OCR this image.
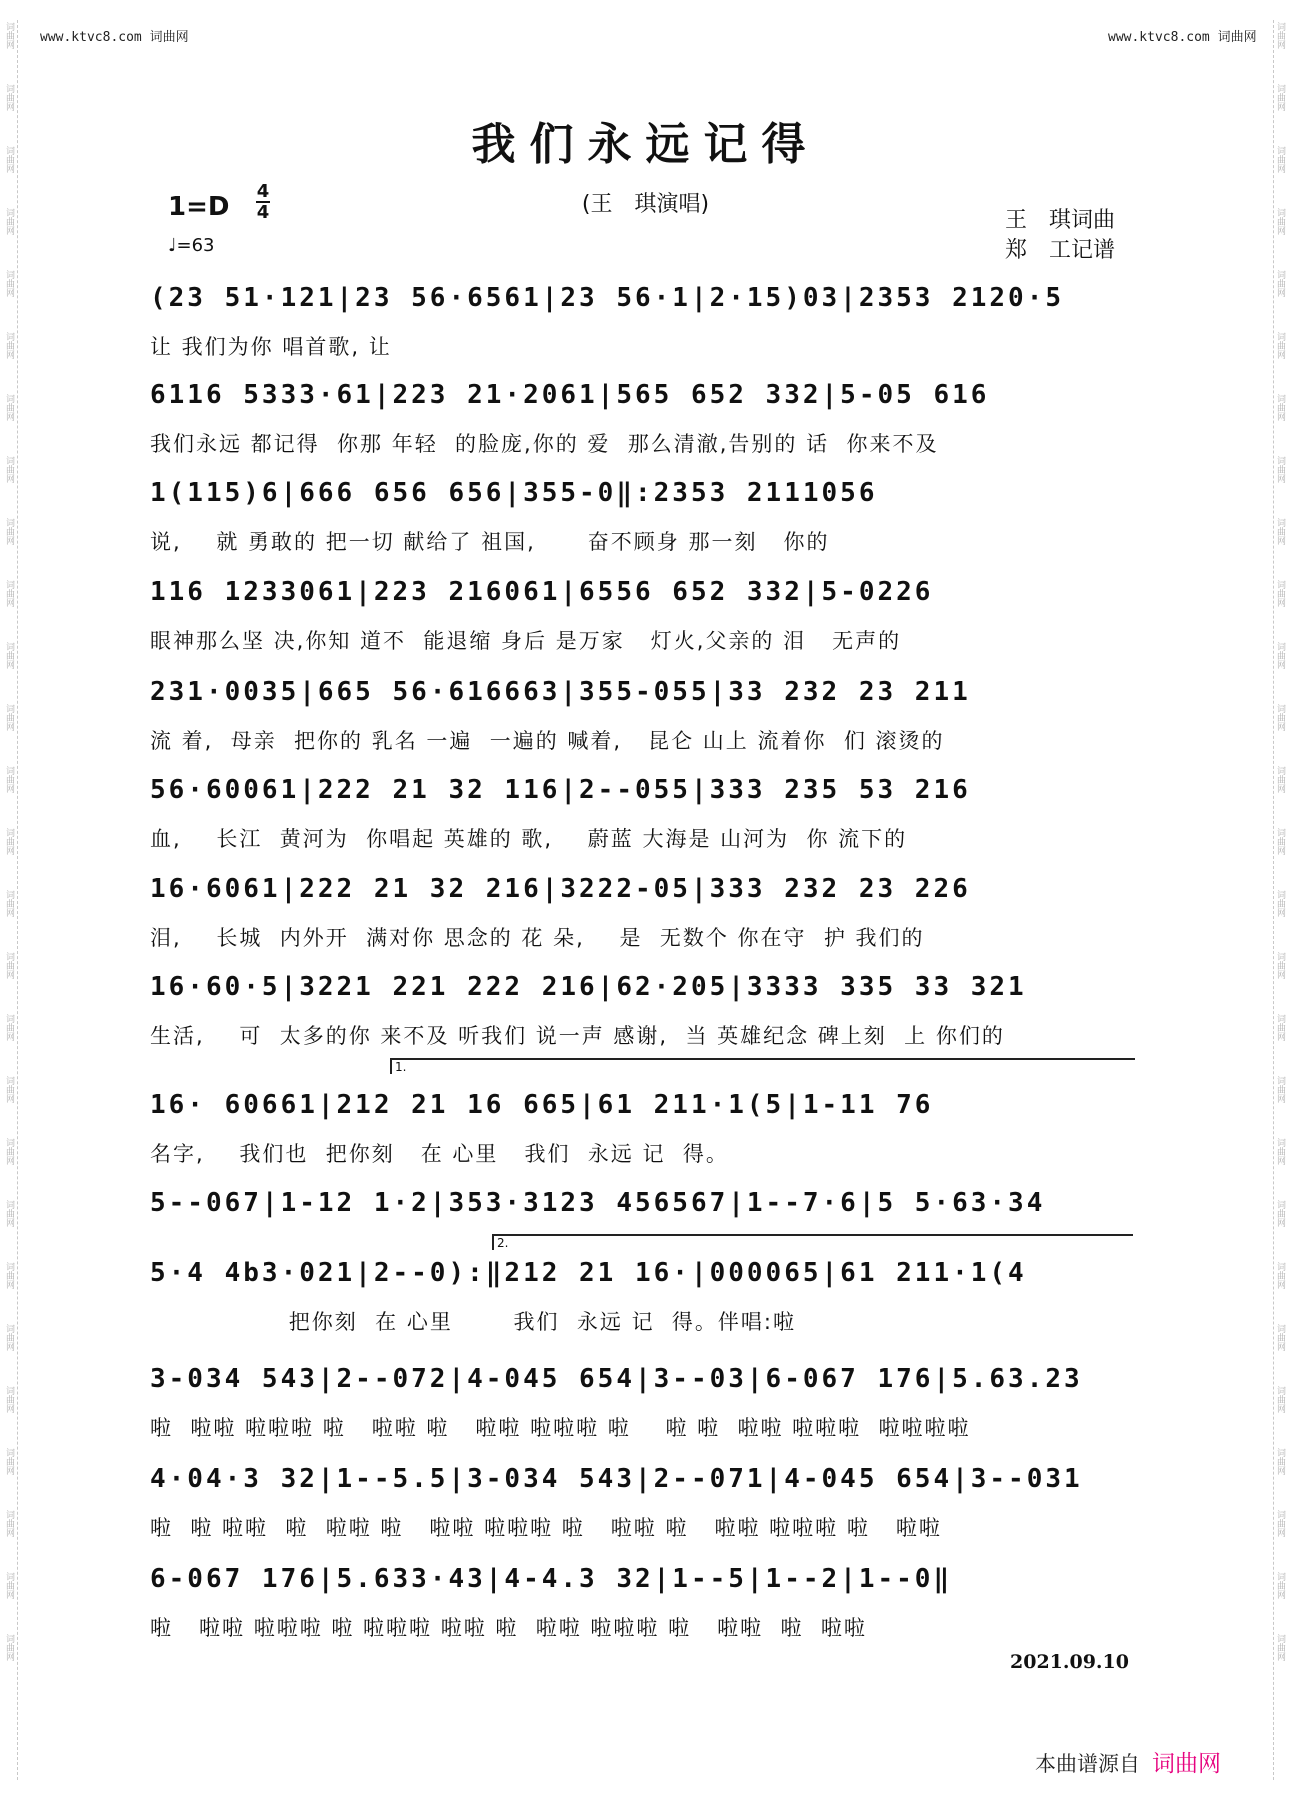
www.ktvc8.com 词曲网	www.ktvc8.com 词曲网
词曲网
词曲网
词曲网
词曲网
词曲网
词曲网
词曲网
词曲网
词曲网
词曲网
词曲网
词曲网
词曲网
词曲网
词曲网
词曲网
词曲网
词曲网
词曲网
词曲网
词曲网
词曲网
词曲网
词曲网
词曲网
词曲网
词曲网
词曲网
词曲网
词曲网
词曲网
词曲网
词曲网
词曲网
词曲网
词曲网
词曲网
词曲网
词曲网
词曲网
词曲网
词曲网
词曲网
词曲网
词曲网
词曲网
词曲网
词曲网
词曲网
词曲网
词曲网
词曲网
词曲网
词曲网
我们永远记得
(王　琪演唱)
1=D
4
4
♩=63
王　琪词曲
郑　工记谱
(23 51·121|23 56·6561|23 56·1|2·15)03|2353 2120·5
让 我们为你 唱首歌, 让
6116 5333·61|223 21·2061|565 652 332|5-05 616
我们永远 都记得  你那 年轻  的脸庞,你的 爱  那么清澈,告别的 话  你来不及
1(115)6|666 656 656|355-0‖:2353 2111056
说,    就 勇敢的 把一切 献给了 祖国,      奋不顾身 那一刻   你的
116 1233061|223 216061|6556 652 332|5-0226
眼神那么坚 决,你知 道不  能退缩 身后 是万家   灯火,父亲的 泪   无声的
231·0035|665 56·616663|355-055|33 232 23 211
流 着,  母亲  把你的 乳名 一遍  一遍的 喊着,   昆仑 山上 流着你  们 滚烫的
56·60061|222 21 32 116|2--055|333 235 53 216
血,    长江  黄河为  你唱起 英雄的 歌,    蔚蓝 大海是 山河为  你 流下的
16·6061|222 21 32 216|3222-05|333 232 23 226
泪,    长城  内外开  满对你 思念的 花 朵,    是  无数个 你在守  护 我们的
16·60·5|3221 221 222 216|62·205|3333 335 33 321
生活,    可  太多的你 来不及 听我们 说一声 感谢,  当 英雄纪念 碑上刻  上 你们的
16· 60661|212 21 16 665|61 211·1(5|1-11 76
名字,    我们也  把你刻   在 心里   我们  永远 记  得。
5--067|1-12 1·2|353·3123 456567|1--7·6|5 5·63·34
5·4 4b3·021|2--0):‖212 21 16·|000065|61 211·1(4
把你刻  在 心里       我们  永远 记  得。伴唱:啦
3-034 543|2--072|4-045 654|3--03|6-067 176|5.63.23
啦  啦啦 啦啦啦 啦   啦啦 啦   啦啦 啦啦啦 啦    啦 啦  啦啦 啦啦啦  啦啦啦啦
4·04·3 32|1--5.5|3-034 543|2--071|4-045 654|3--031
啦  啦 啦啦  啦  啦啦 啦   啦啦 啦啦啦 啦   啦啦 啦   啦啦 啦啦啦 啦   啦啦
6-067 176|5.633·43|4-4.3 32|1--5|1--2|1--0‖
啦   啦啦 啦啦啦 啦 啦啦啦 啦啦 啦  啦啦 啦啦啦 啦   啦啦  啦  啦啦
1.
2.
2021.09.10
本曲谱源自 词曲网
